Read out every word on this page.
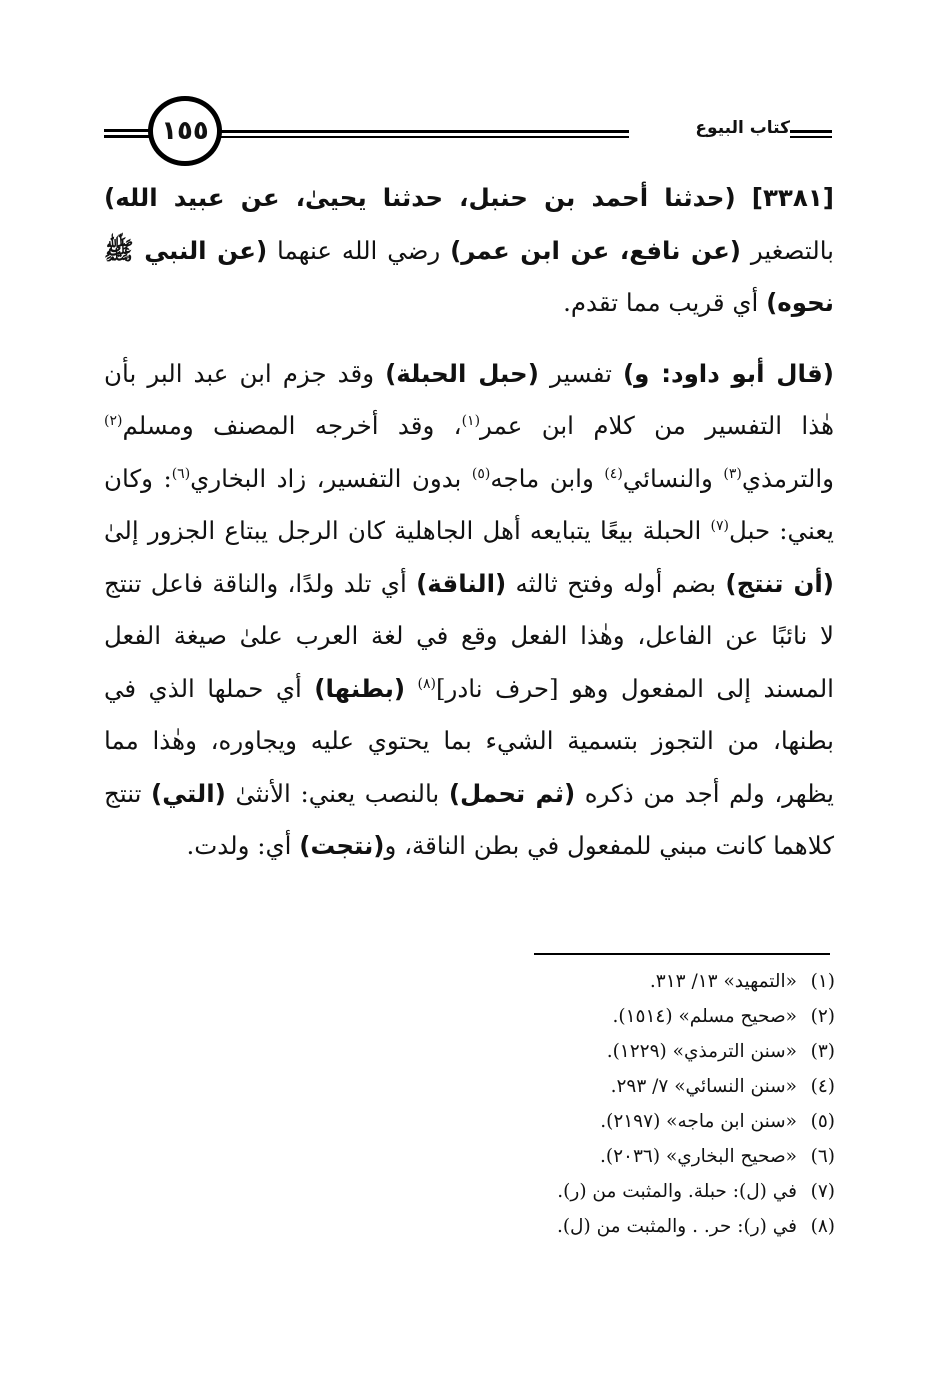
١٥٥	كتاب البيوع

[٣٣٨١] (حدثنا أحمد بن حنبل، حدثنا يحيىٰ، عن عبيد الله) بالتصغير (عن نافع، عن ابن عمر) رضي الله عنهما (عن النبي ﷺ نحوه) أي قريب مما تقدم.

(قال أبو داود: و) تفسير (حبل الحبلة) وقد جزم ابن عبد البر بأن هٰذا التفسير من كلام ابن عمر$^{(١)}$، وقد أخرجه المصنف ومسلم$^{(٢)}$ والترمذي$^{(٣)}$ والنسائي$^{(٤)}$ وابن ماجه$^{(٥)}$ بدون التفسير، زاد البخاري$^{(٦)}$: وكان يعني: حبل$^{(٧)}$ الحبلة بيعًا يتبايعه أهل الجاهلية كان الرجل يبتاع الجزور إلىٰ (أن تنتج) بضم أوله وفتح ثالثه (الناقة) أي تلد ولدًا، والناقة فاعل تنتج لا نائبًا عن الفاعل، وهٰذا الفعل وقع في لغة العرب علىٰ صيغة الفعل المسند إلى المفعول وهو [حرف نادر]$^{(٨)}$ (بطنها) أي حملها الذي في بطنها، من التجوز بتسمية الشيء بما يحتوي عليه ويجاوره، وهٰذا مما يظهر، ولم أجد من ذكره (ثم تحمل) بالنصب يعني: الأنثىٰ (التي) تنتج كلاهما كانت مبني للمفعول في بطن الناقة، و(نتجت) أي: ولدت.

(١)«التمهيد» ١٣/ ٣١٣.
(٢)«صحيح مسلم» (١٥١٤).
(٣)«سنن الترمذي» (١٢٢٩).
(٤)«سنن النسائي» ٧/ ٢٩٣.
(٥)«سنن ابن ماجه» (٢١٩٧).
(٦)«صحيح البخاري» (٢٠٣٦).
(٧)في (ل): حبلة. والمثبت من (ر).
(٨)في (ر): حر. . والمثبت من (ل).
